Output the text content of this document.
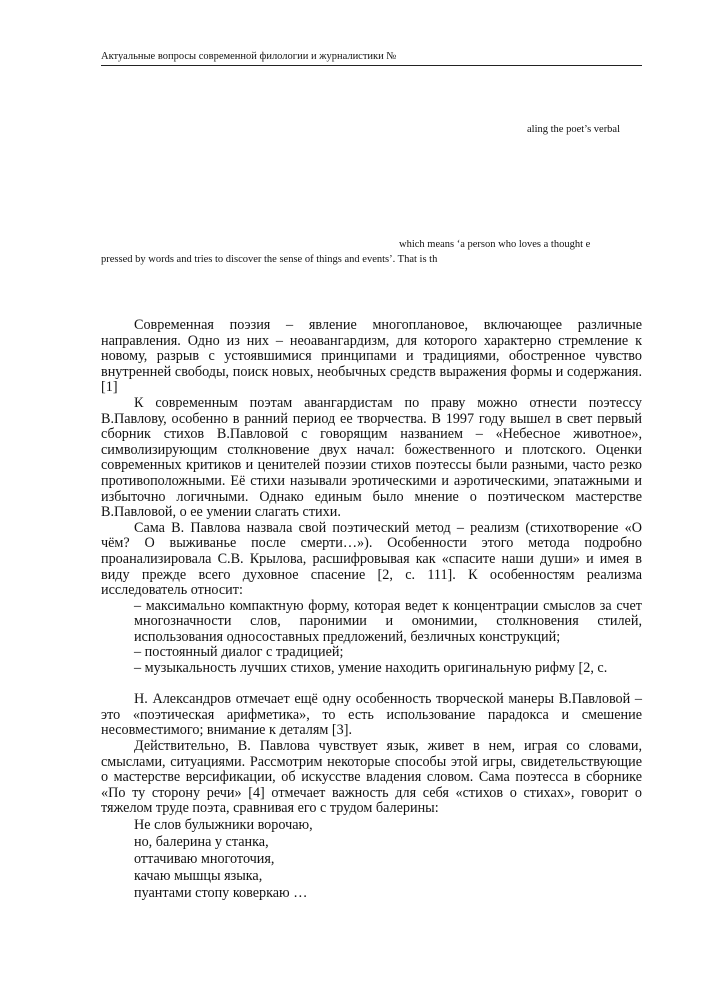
Актуальные вопросы современной филологии и журналистики №
aling the poet’s verbal
which means ‘a person who loves a thought e
pressed by words and tries to discover the sense of things and events’. That is th

Современная поэзия – явление многоплановое, включающее различные направления. Одно из них – неоавангардизм, для которого характерно стремление к новому, разрыв с устоявшимися принципами и традициями, обостренное чувство внутренней свободы, поиск новых, необычных средств выражения формы и содержания. [1]

К современным поэтам авангардистам по праву можно отнести поэтессу В.Павлову, особенно в ранний период ее творчества. В 1997 году вышел в свет первый сборник стихов В.Павловой с говорящим названием – «Небесное животное», символизирующим столкновение двух начал: божественного и плотского. Оценки современных критиков и ценителей поэзии стихов поэтессы были разными, часто резко противоположными. Её стихи называли эротическими и аэротическими, эпатажными и избыточно логичными. Однако единым было мнение о поэтическом мастерстве В.Павловой, о ее умении слагать стихи.

Сама В. Павлова назвала свой поэтический метод – реализм (стихотворение «О чём? О выживанье после смерти…»). Особенности этого метода подробно проанализировала С.В. Крылова, расшифровывая как «спасите наши души» и имея в виду прежде всего духовное спасение [2, с. 111]. К особенностям реализма исследователь относит:

– максимально компактную форму, которая ведет к концентрации смыслов за счет многозначности слов, паронимии и омонимии, столкновения стилей, использования односоставных предложений, безличных конструкций;

– постоянный диалог с традицией;

– музыкальность лучших стихов, умение находить оригинальную рифму [2, с.

Н. Александров отмечает ещё одну особенность творческой манеры В.Павловой – это «поэтическая арифметика», то есть использование парадокса и смешение несовместимого; внимание к деталям [3].

Действительно, В. Павлова чувствует язык, живет в нем, играя со словами, смыслами, ситуациями. Рассмотрим некоторые способы этой игры, свидетельствующие о мастерстве версификации, об искусстве владения словом. Сама поэтесса в сборнике «По ту сторону речи» [4] отмечает важность для себя «стихов о стихах», говорит о тяжелом труде поэта, сравнивая его с трудом балерины:

Не слов булыжники ворочаю,
но, балерина у станка,
оттачиваю многоточия,
качаю мышцы языка,
пуантами стопу коверкаю …
